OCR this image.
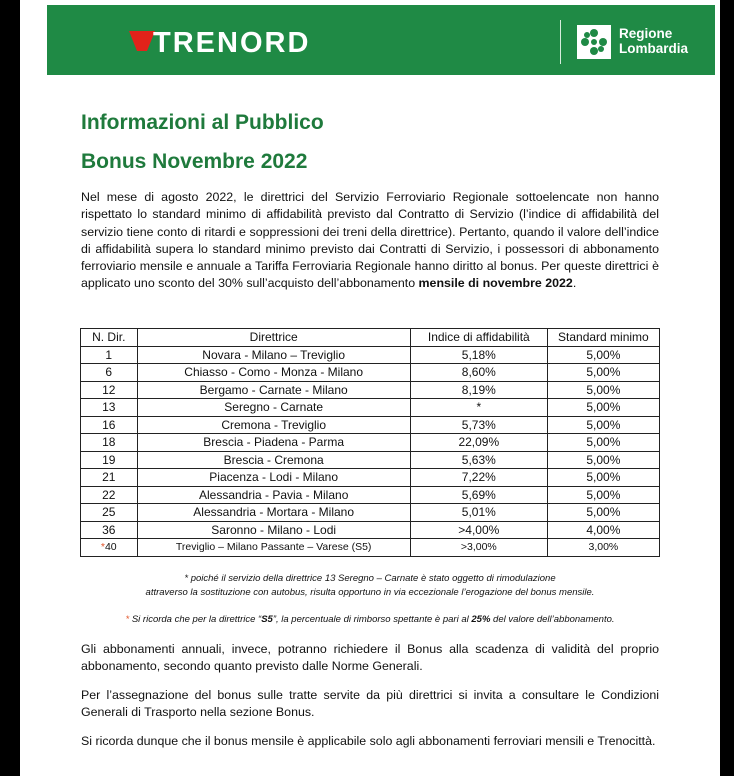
TRENORD	Regione
Lombardia
Informazioni al Pubblico
Bonus Novembre 2022

Nel mese di agosto 2022, le direttrici del Servizio Ferroviario Regionale sottoelencate non hanno rispettato lo standard minimo di affidabilità previsto dal Contratto di Servizio (l’indice di affidabilità del servizio tiene conto di ritardi e soppressioni dei treni della direttrice). Pertanto, quando il valore dell’indice di affidabilità supera lo standard minimo previsto dai Contratti di Servizio, i possessori di abbonamento ferroviario mensile e annuale a Tariffa Ferroviaria Regionale hanno diritto al bonus. Per queste direttrici è applicato uno sconto del 30% sull’acquisto dell’abbonamento mensile di novembre 2022.

N. Dir.	Direttrice	Indice di affidabilità	Standard minimo
1	Novara - Milano – Treviglio	5,18%	5,00%
6	Chiasso - Como - Monza - Milano	8,60%	5,00%
12	Bergamo - Carnate - Milano	8,19%	5,00%
13	Seregno - Carnate	*	5,00%
16	Cremona - Treviglio	5,73%	5,00%
18	Brescia - Piadena - Parma	22,09%	5,00%
19	Brescia - Cremona	5,63%	5,00%
21	Piacenza - Lodi - Milano	7,22%	5,00%
22	Alessandria - Pavia - Milano	5,69%	5,00%
25	Alessandria - Mortara - Milano	5,01%	5,00%
36	Saronno - Milano - Lodi	>4,00%	4,00%
*40	Treviglio – Milano Passante – Varese (S5)	>3,00%	3,00%
* poiché il servizio della direttrice 13 Seregno – Carnate è stato oggetto di rimodulazione
attraverso la sostituzione con autobus, risulta opportuno in via eccezionale l’erogazione del bonus mensile.
* Si ricorda che per la direttrice “S5”, la percentuale di rimborso spettante è pari al 25% del valore dell’abbonamento.

Gli abbonamenti annuali, invece, potranno richiedere il Bonus alla scadenza di validità del proprio abbonamento, secondo quanto previsto dalle Norme Generali.

Per l’assegnazione del bonus sulle tratte servite da più direttrici si invita a consultare le Condizioni Generali di Trasporto nella sezione Bonus.

Si ricorda dunque che il bonus mensile è applicabile solo agli abbonamenti ferroviari mensili e Trenocittà.
